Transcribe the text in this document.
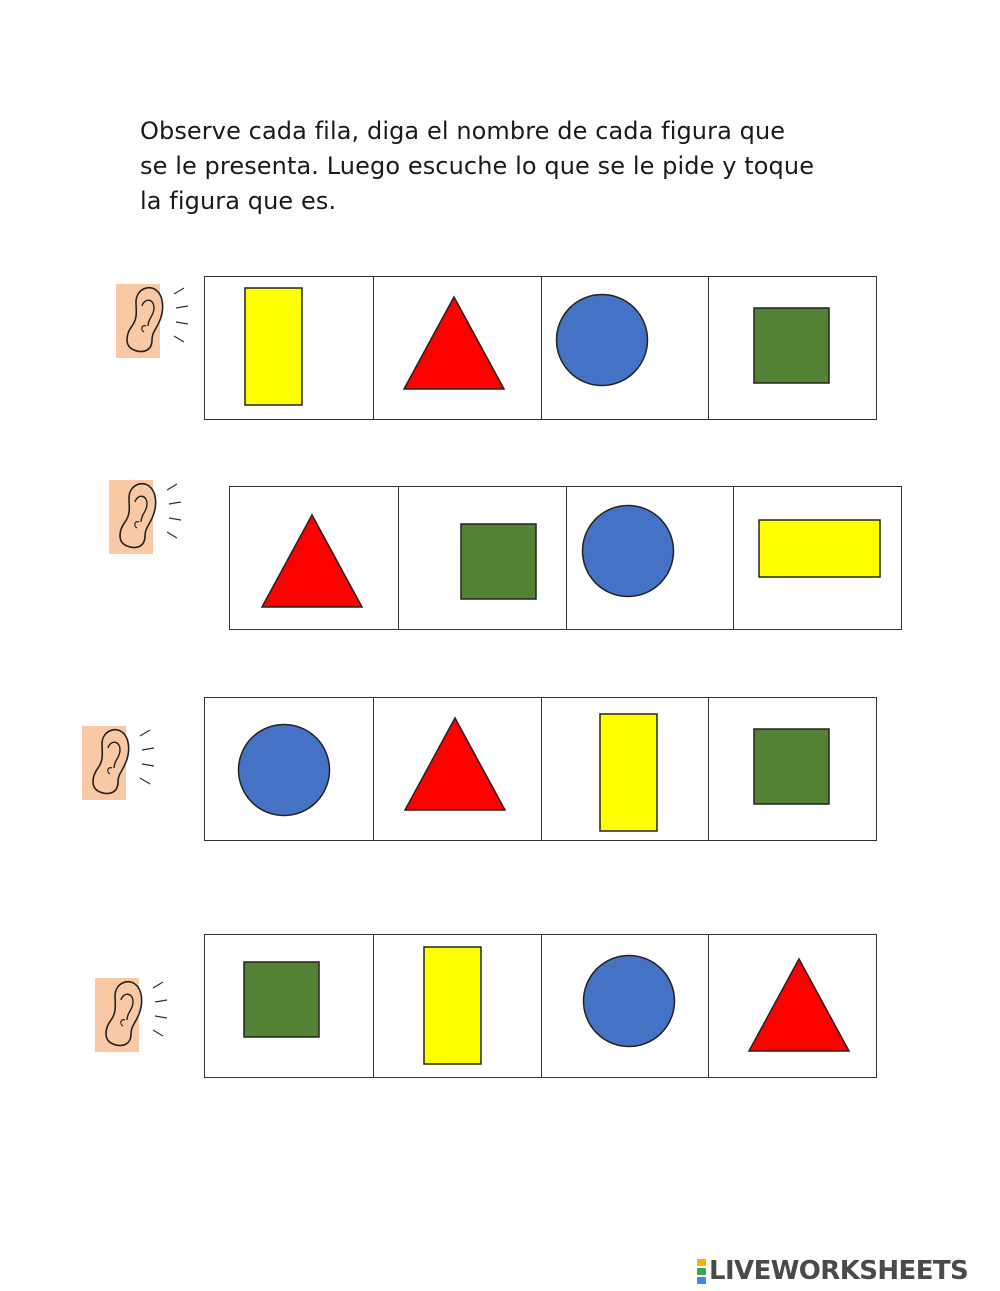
Observe cada fila, diga el nombre de cada figura que
se le presenta. Luego escuche lo que se le pide y toque
la figura que es.

LIVEWORKSHEETS
